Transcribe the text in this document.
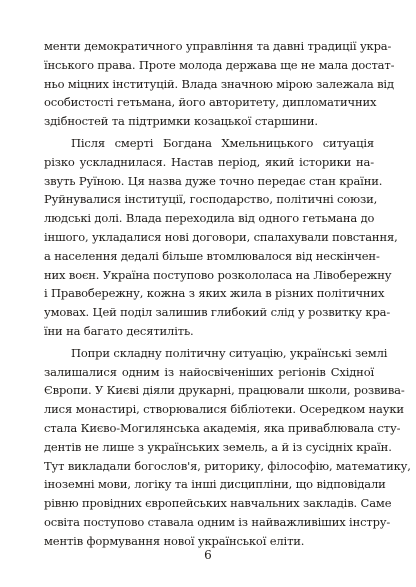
менти демократичного управління та давні традиції укра-
їнського права. Проте молода держава ще не мала достат-
ньо міцних інституцій. Влада значною мірою залежала від
особистості гетьмана, його авторитету, дипломатичних
здібностей та підтримки козацької старшини.
Після смерті Богдана Хмельницького ситуація
різко ускладнилася. Настав період, який історики на-
звуть Руїною. Ця назва дуже точно передає стан країни.
Руйнувалися інституції, господарство, політичні союзи,
людські долі. Влада переходила від одного гетьмана до
іншого, укладалися нові договори, спалахували повстання,
а населення дедалі більше втомлювалося від нескінчен-
них воєн. Україна поступово розкололаса на Лівобережну
і Правобережну, кожна з яких жила в різних політичних
умовах. Цей поділ залишив глибокий слід у розвитку кра-
їни на багато десятиліть.
Попри складну політичну ситуацію, українські землі
залишалися одним із найосвіченіших регіонів Східної
Європи. У Києві діяли друкарні, працювали школи, розвива-
лися монастирі, створювалися бібліотеки. Осередком науки
стала Києво-Могилянська академія, яка приваблювала сту-
дентів не лише з українських земель, а й із сусідніх країн.
Тут викладали богослов'я, риторику, філософію, математику,
іноземні мови, логіку та інші дисципліни, що відповідали
рівню провідних європейських навчальних закладів. Саме
освіта поступово ставала одним із найважливіших інстру-
ментів формування нової української еліти.
6
